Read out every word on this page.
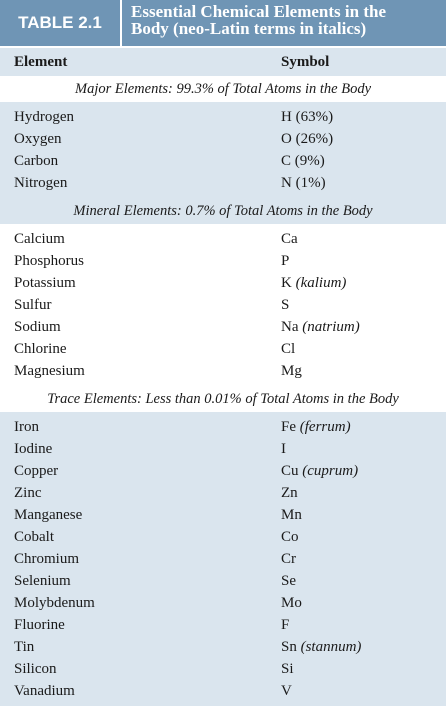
TABLE 2.1
Essential Chemical Elements in the
Body (neo-Latin terms in italics)
Element	Symbol
Major Elements: 99.3% of Total Atoms in the Body
Hydrogen	H (63%)
Oxygen	O (26%)
Carbon	C (9%)
Nitrogen	N (1%)
Mineral Elements: 0.7% of Total Atoms in the Body
Calcium	Ca
Phosphorus	P
Potassium	K (kalium)
Sulfur	S
Sodium	Na (natrium)
Chlorine	Cl
Magnesium	Mg
Trace Elements: Less than 0.01% of Total Atoms in the Body
Iron	Fe (ferrum)
Iodine	I
Copper	Cu (cuprum)
Zinc	Zn
Manganese	Mn
Cobalt	Co
Chromium	Cr
Selenium	Se
Molybdenum	Mo
Fluorine	F
Tin	Sn (stannum)
Silicon	Si
Vanadium	V
